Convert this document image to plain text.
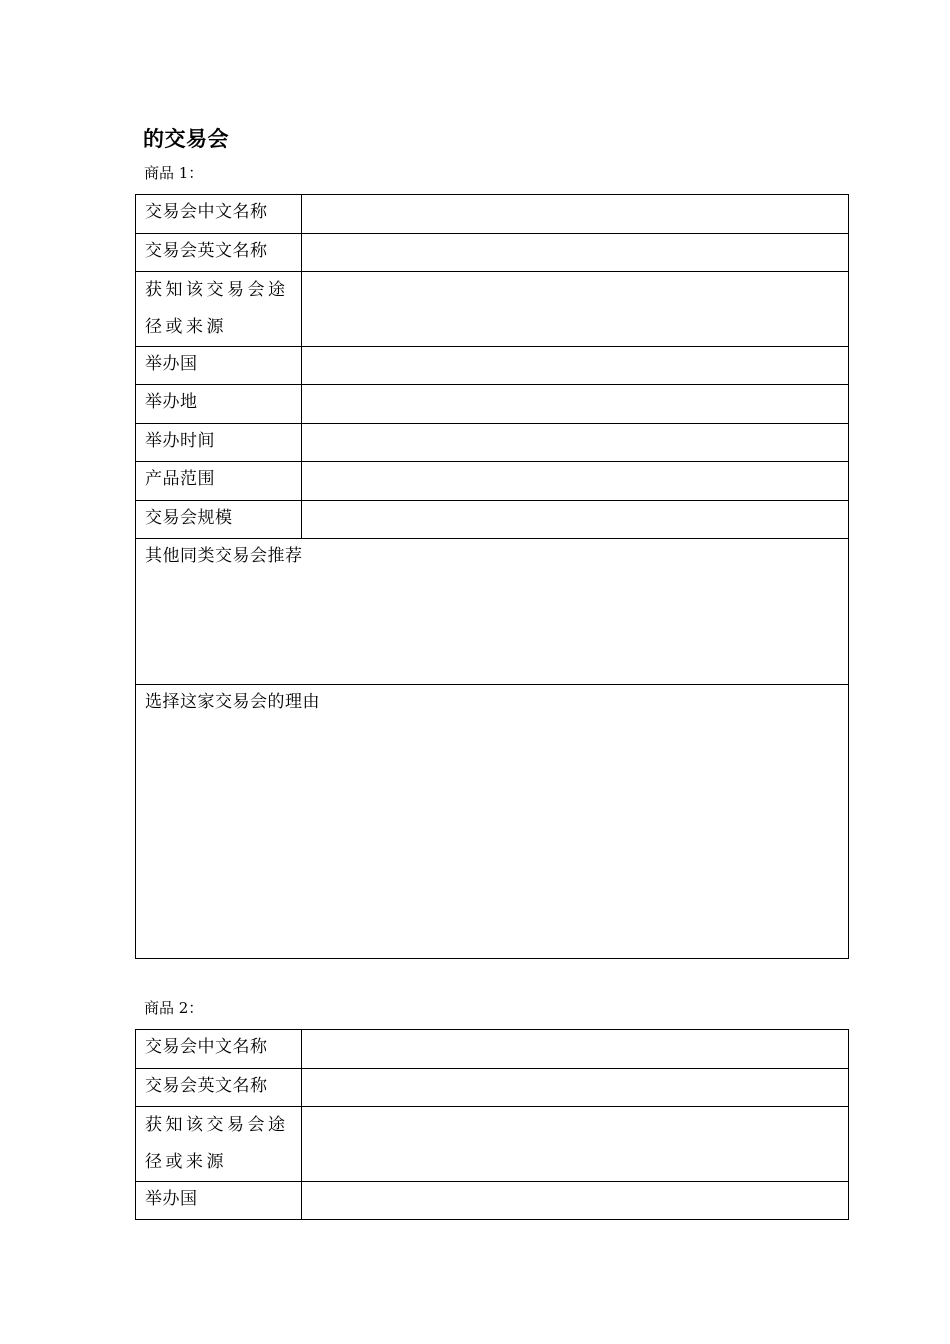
的交易会
商品 1：
交易会中文名称	
交易会英文名称	
获知该交易会途径或来源	
举办国	
举办地	
举办时间	
产品范围	
交易会规模	
其他同类交易会推荐	
选择这家交易会的理由	
商品 2：
交易会中文名称	
交易会英文名称	
获知该交易会途径或来源	
举办国	
